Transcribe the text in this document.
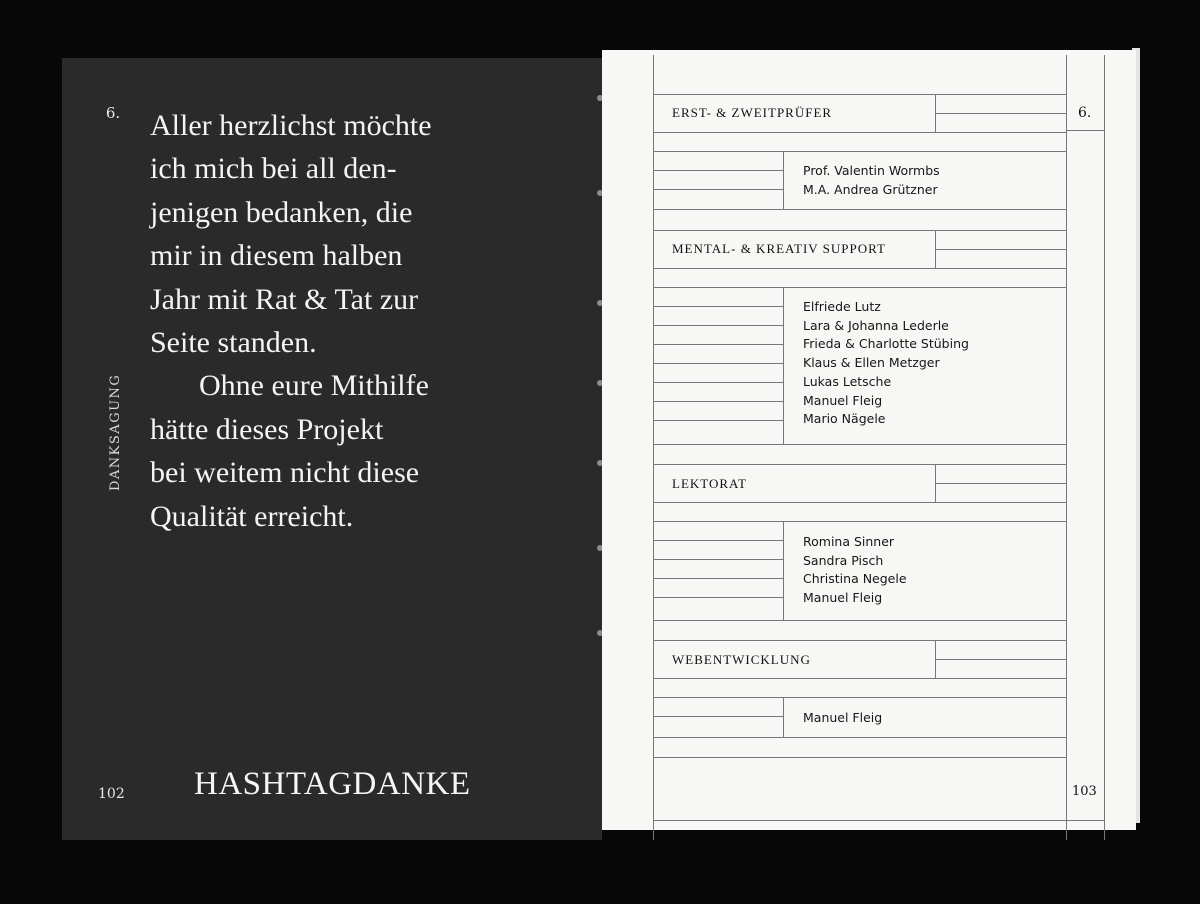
6.
DANKSAGUNG

Aller herzlichst möchte
ich mich bei all den-
jenigen bedanken, die
mir in diesem halben
Jahr mit Rat & Tat zur
Seite standen.

Ohne eure Mithilfe
hätte dieses Projekt
bei weitem nicht diese
Qualität erreicht.

102 HASHTAGDANKE
6.
ERST- & ZWEITPRÜFER
MENTAL- & KREATIV SUPPORT
LEKTORAT
WEBENTWICKLUNG
Prof. Valentin Wormbs
M.A. Andrea Grützner
Elfriede Lutz
Lara & Johanna Lederle
Frieda & Charlotte Stübing
Klaus & Ellen Metzger
Lukas Letsche
Manuel Fleig
Mario Nägele
Romina Sinner
Sandra Pisch
Christina Negele
Manuel Fleig
Manuel Fleig
103
